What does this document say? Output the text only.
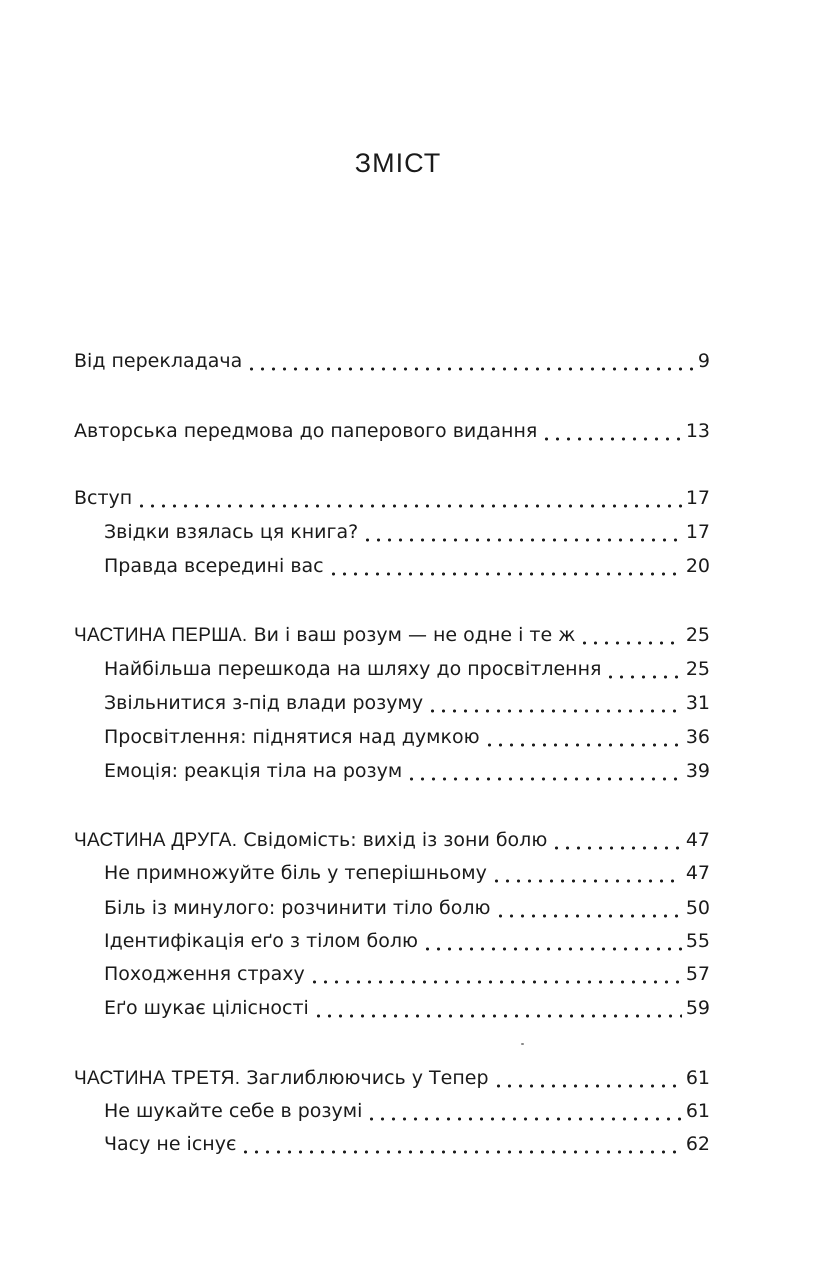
ЗМІСТ
Від перекладача	9
Авторська передмова до паперового видання	13
Вступ	17
Звідки взялась ця книга?	17
Правда всередині вас	20
ЧАСТИНА ПЕРША. Ви і ваш розум — не одне і те ж	25
Найбільша перешкода на шляху до просвітлення	25
Звільнитися з-під влади розуму	31
Просвітлення: піднятися над думкою	36
Емоція: реакція тіла на розум	39
ЧАСТИНА ДРУГА. Свідомість: вихід із зони болю	47
Не примножуйте біль у теперішньому	47
Біль із минулого: розчинити тіло болю	50
Ідентифікація еґо з тілом болю	55
Походження страху	57
Еґо шукає цілісності	59
ЧАСТИНА ТРЕТЯ. Заглиблюючись у Тепер	61
Не шукайте себе в розумі	61
Часу не існує	62
